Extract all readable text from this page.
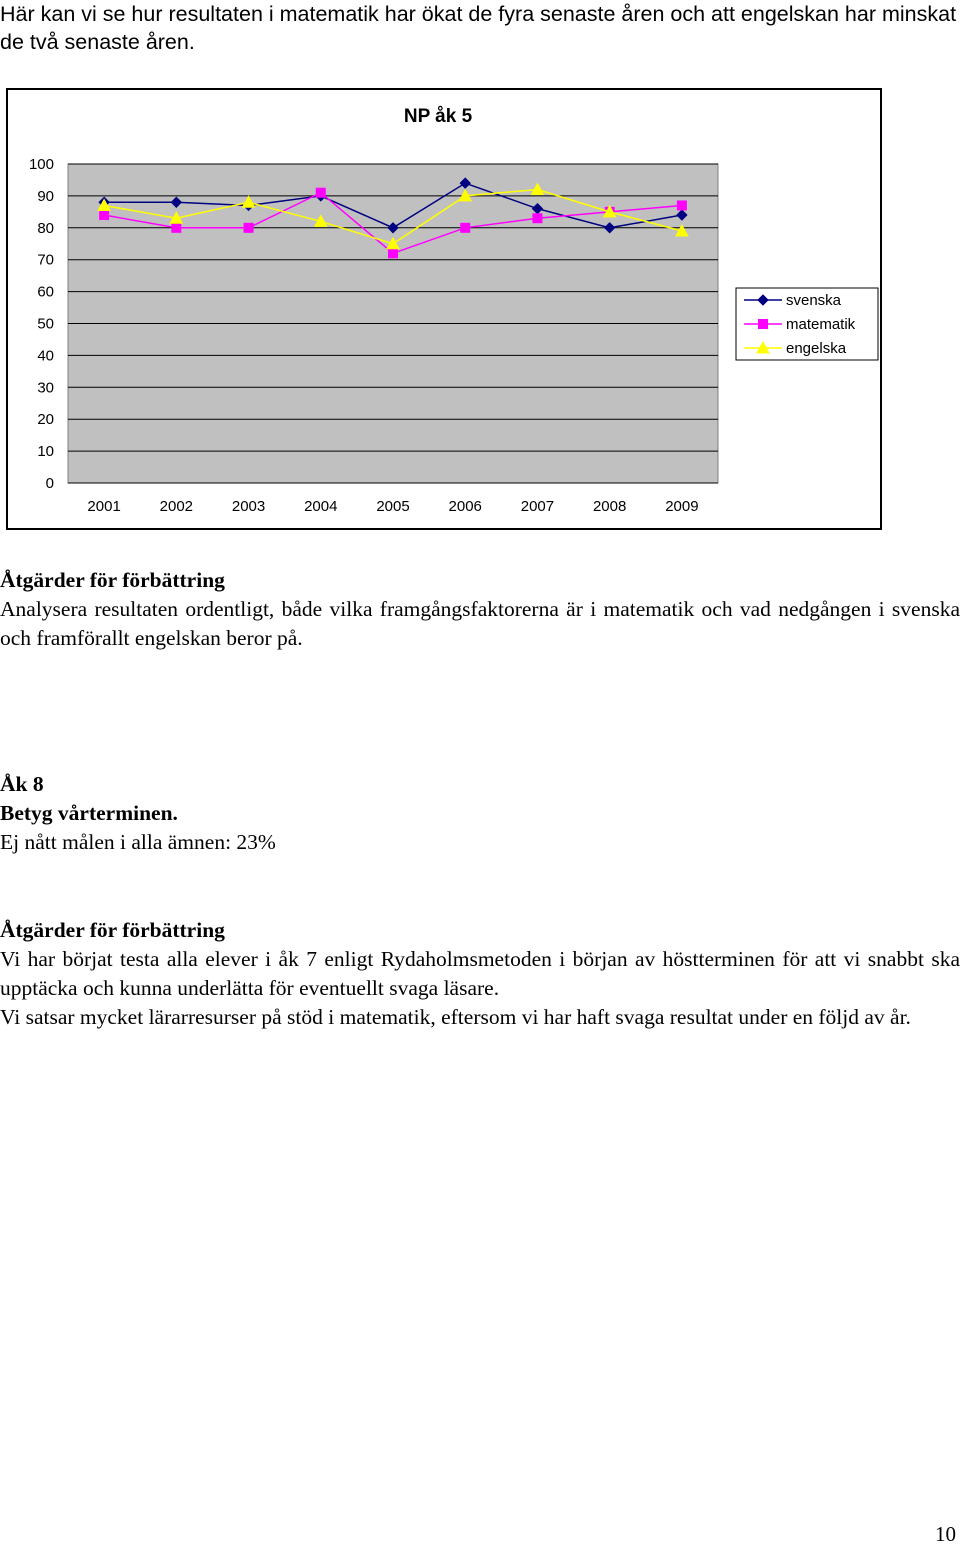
Här kan vi se hur resultaten i matematik har ökat de fyra senaste åren och att engelskan har minskat de två senaste åren.
NP åk 5
100
90
80
70
60
50
40
30
20
10
0
2001	2002	2003	2004	2005	2006	2007	2008	2009
svenska
matematik
engelska
Åtgärder för förbättring
Analysera resultaten ordentligt, både vilka framgångsfaktorerna är i matematik och vad nedgången i svenska och framförallt engelskan beror på.
Åk 8
Betyg vårterminen.
Ej nått målen i alla ämnen: 23%
Åtgärder för förbättring
Vi har börjat testa alla elever i åk 7 enligt Rydaholmsmetoden i början av höstterminen för att vi snabbt ska upptäcka och kunna underlätta för eventuellt svaga läsare.
Vi satsar mycket lärarresurser på stöd i matematik, eftersom vi har haft svaga resultat under en följd av år.
10
